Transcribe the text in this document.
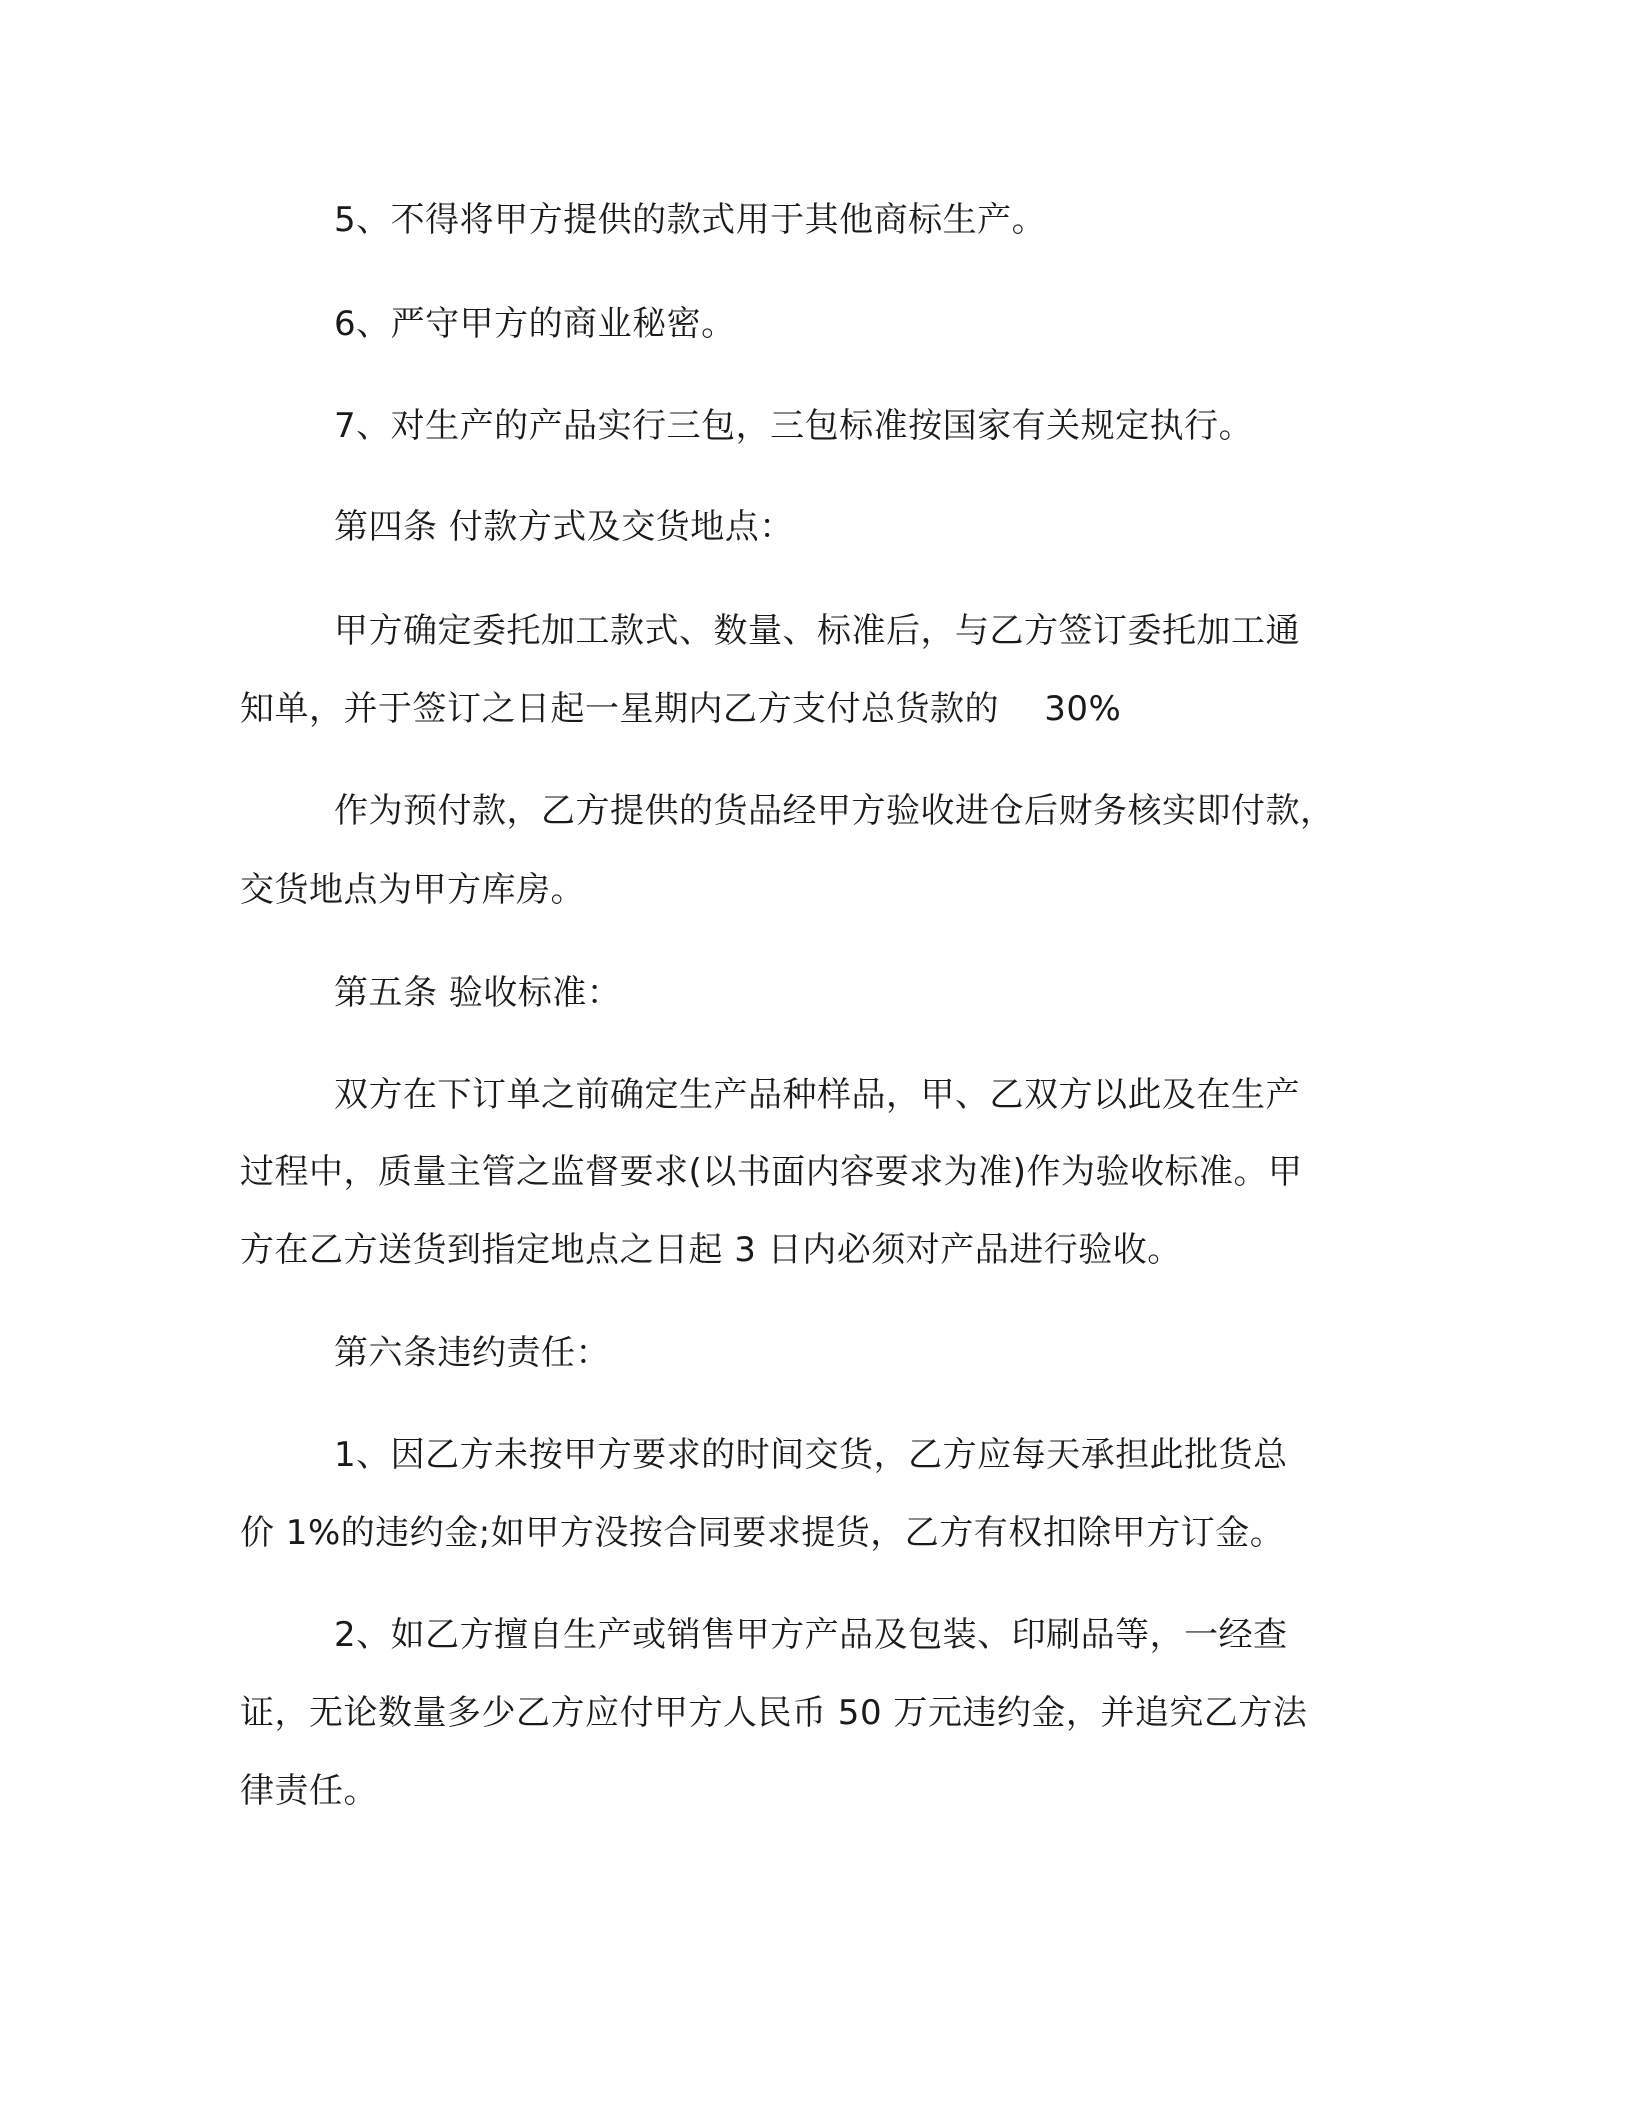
5、不得将甲方提供的款式用于其他商标生产。
6、严守甲方的商业秘密。
7、对生产的产品实行三包，三包标准按国家有关规定执行。
第四条 付款方式及交货地点：
甲方确定委托加工款式、数量、标准后，与乙方签订委托加工通
知单，并于签订之日起一星期内乙方支付总货款的    30%
作为预付款，乙方提供的货品经甲方验收进仓后财务核实即付款，
交货地点为甲方库房。
第五条 验收标准：
双方在下订单之前确定生产品种样品，甲、乙双方以此及在生产
过程中，质量主管之监督要求(以书面内容要求为准)作为验收标准。甲
方在乙方送货到指定地点之日起 3 日内必须对产品进行验收。
第六条违约责任：
1、因乙方未按甲方要求的时间交货，乙方应每天承担此批货总
价 1%的违约金;如甲方没按合同要求提货，乙方有权扣除甲方订金。
2、如乙方擅自生产或销售甲方产品及包装、印刷品等，一经查
证，无论数量多少乙方应付甲方人民币 50 万元违约金，并追究乙方法
律责任。
